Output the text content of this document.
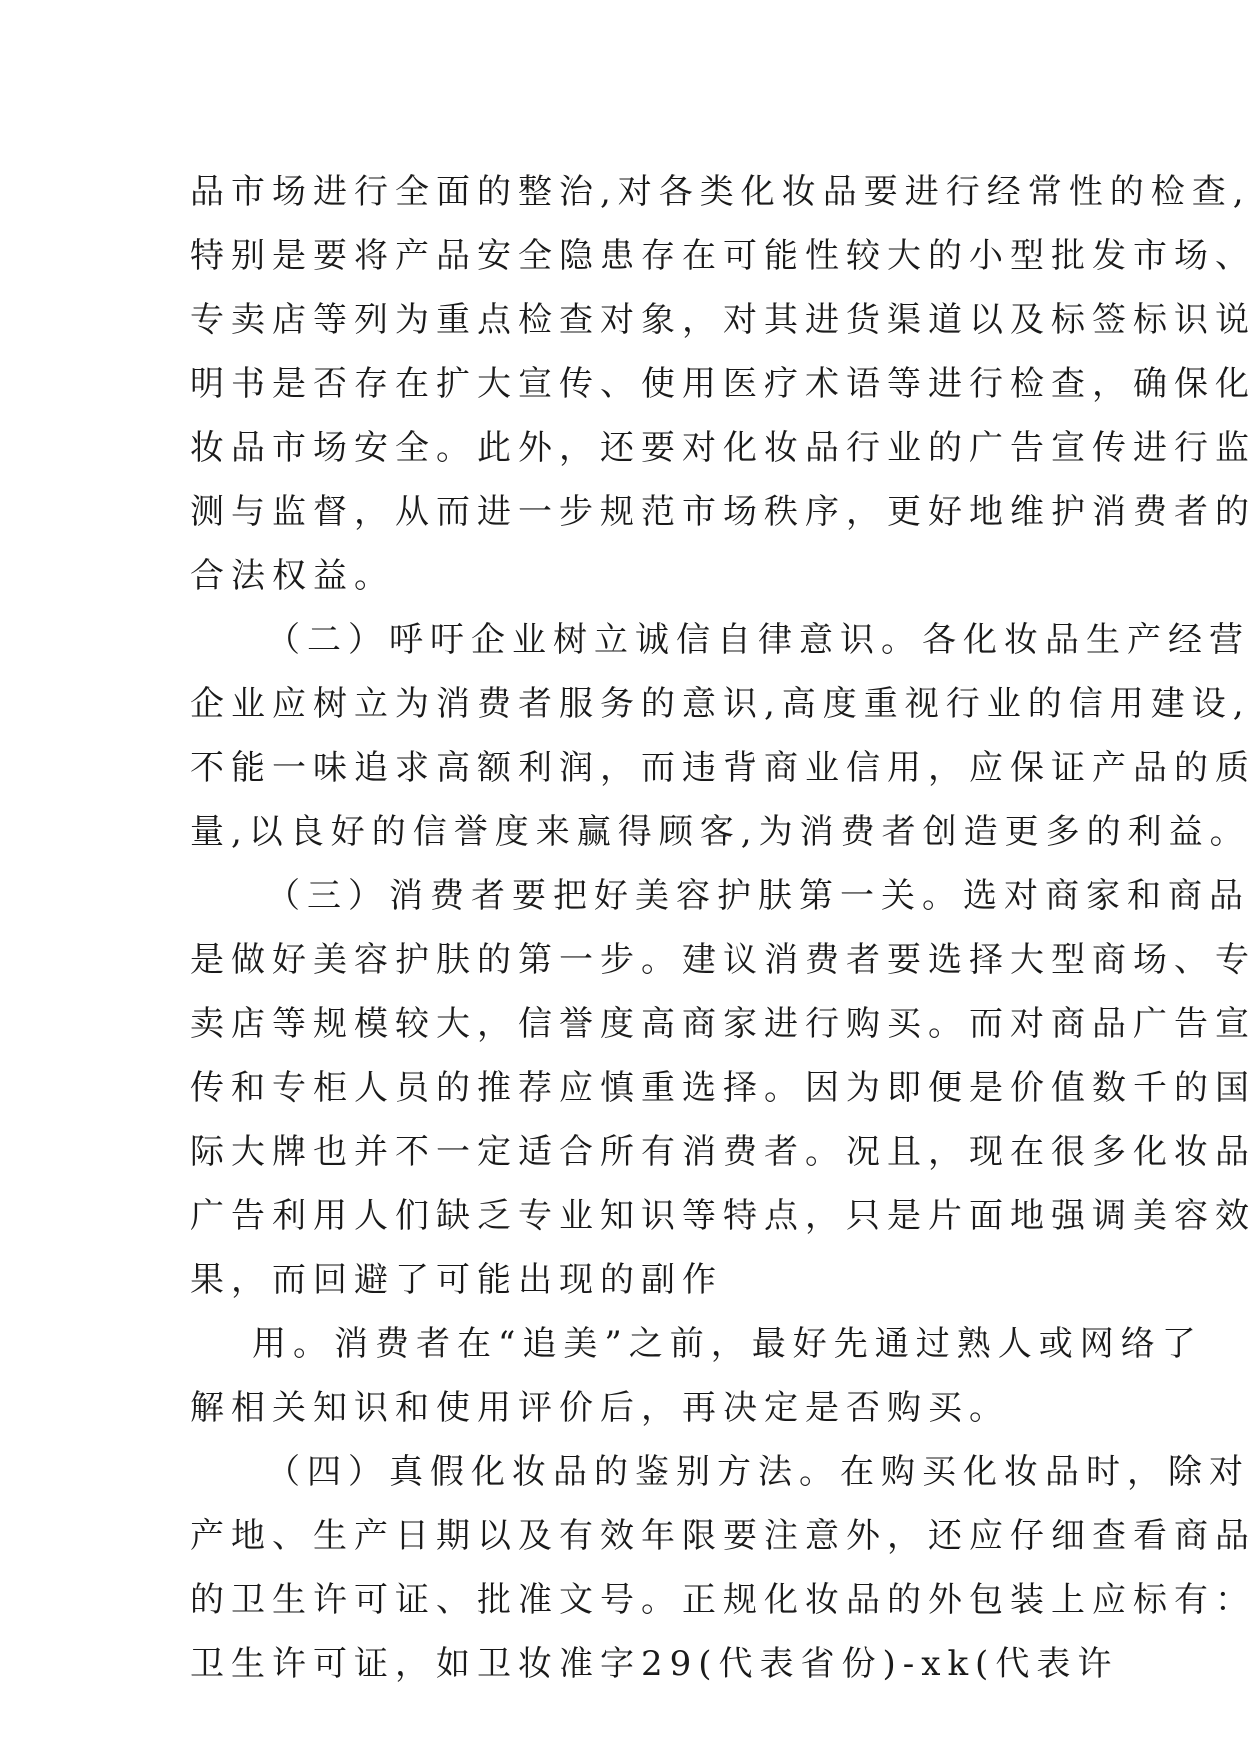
品市场进行全面的整治,对各类化妆品要进行经常性的检查,
特别是要将产品安全隐患存在可能性较大的小型批发市场、
专卖店等列为重点检查对象，对其进货渠道以及标签标识说
明书是否存在扩大宣传、使用医疗术语等进行检查，确保化
妆品市场安全。此外，还要对化妆品行业的广告宣传进行监
测与监督，从而进一步规范市场秩序，更好地维护消费者的
合法权益。
（二）呼吁企业树立诚信自律意识。各化妆品生产经营
企业应树立为消费者服务的意识,高度重视行业的信用建设,
不能一味追求高额利润，而违背商业信用，应保证产品的质
量,以良好的信誉度来赢得顾客,为消费者创造更多的利益。
（三）消费者要把好美容护肤第一关。选对商家和商品
是做好美容护肤的第一步。建议消费者要选择大型商场、专
卖店等规模较大，信誉度高商家进行购买。而对商品广告宣
传和专柜人员的推荐应慎重选择。因为即便是价值数千的国
际大牌也并不一定适合所有消费者。况且，现在很多化妆品
广告利用人们缺乏专业知识等特点，只是片面地强调美容效
果，而回避了可能出现的副作
用。消费者在“追美”之前，最好先通过熟人或网络了
解相关知识和使用评价后，再决定是否购买。
（四）真假化妆品的鉴别方法。在购买化妆品时，除对
产地、生产日期以及有效年限要注意外，还应仔细查看商品
的卫生许可证、批准文号。正规化妆品的外包装上应标有：
卫生许可证，如卫妆准字29(代表省份)-xk(代表许
